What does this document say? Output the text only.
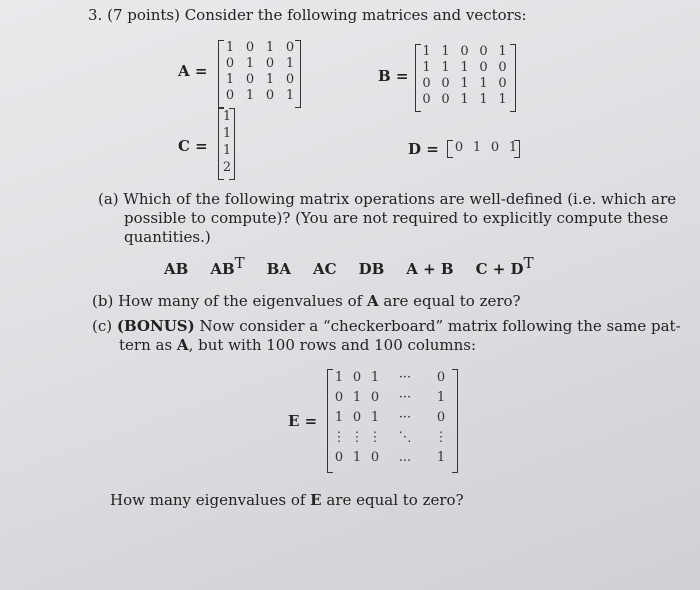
3. (7 points) Consider the following matrices and vectors:
A =
1 0 1 0
0 1 0 1
1 0 1 0
0 1 0 1
B =
1 1 0 0 1
1 1 1 0 0
0 0 1 1 0
0 0 1 1 1
C =
1
1
1
2
D =	0 1 0 1
(a) Which of the following matrix operations are well-defined (i.e. which are
possible to compute)? (You are not required to explicitly compute these
quantities.)
AB ABT BA AC DB A + B C + DT
(b) How many of the eigenvalues of A are equal to zero?
(c) (BONUS) Now consider a “checkerboard” matrix following the same pat-
tern as A, but with 100 rows and 100 columns:
E =
1 0 1	···	0
0 1 0	···	1
1 0 1	···	0
⋮ ⋮ ⋮	⋱	⋮
0 1 0	...	1
How many eigenvalues of E are equal to zero?
